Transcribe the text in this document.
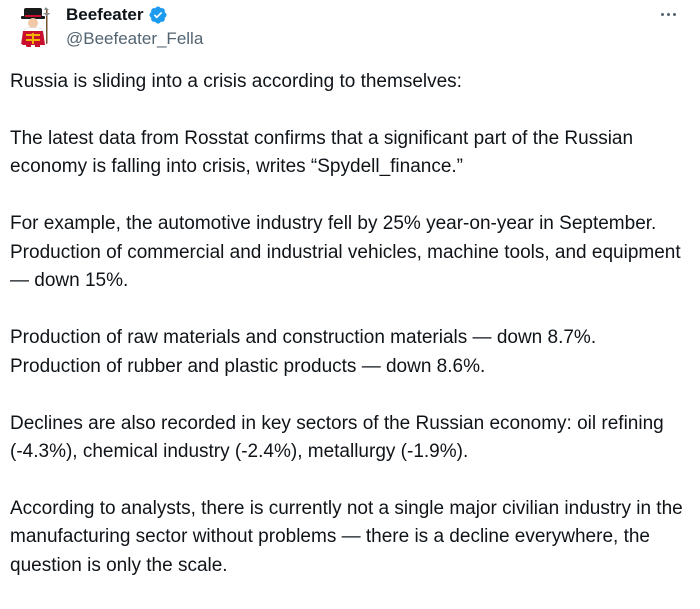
Beefeater
@Beefeater_Fella

Russia is sliding into a crisis according to themselves:

The latest data from Rosstat confirms that a significant part of the Russian economy is falling into crisis, writes “Spydell_finance.”

For example, the automotive industry fell by 25% year-on-year in September. Production of commercial and industrial vehicles, machine tools, and equipment — down 15%.

Production of raw materials and construction materials — down 8.7%. Production of rubber and plastic products — down 8.6%.

Declines are also recorded in key sectors of the Russian economy: oil refining (-4.3%), chemical industry (-2.4%), metallurgy (-1.9%).

According to analysts, there is currently not a single major civilian industry in the manufacturing sector without problems — there is a decline everywhere, the question is only the scale.
